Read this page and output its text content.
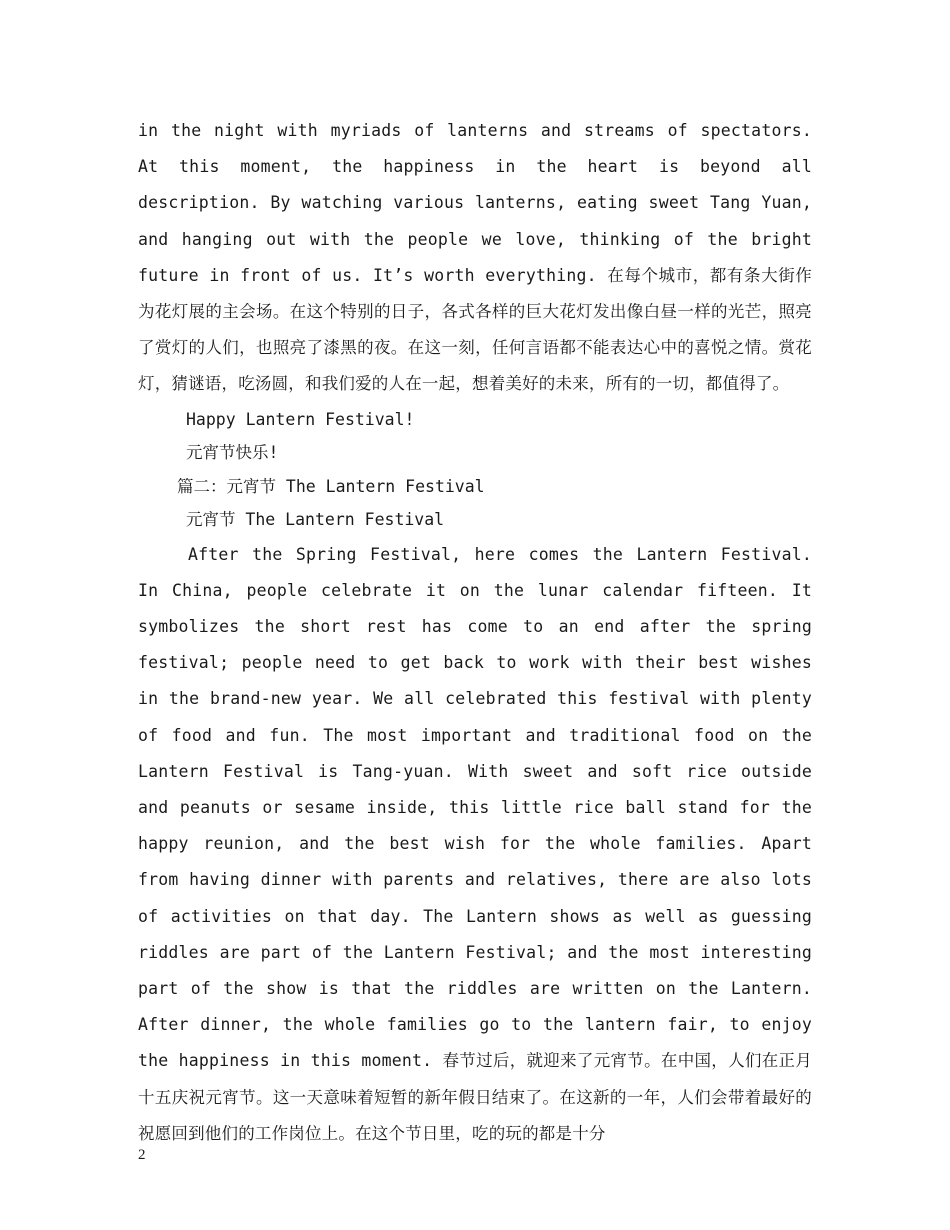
in the night with myriads of lanterns and streams of spectators. At this moment, the happiness in the heart is beyond all description. By watching various lanterns, eating sweet Tang Yuan, and hanging out with the people we love, thinking of the bright future in front of us. It’s worth everything. 在每个城市，都有条大街作为花灯展的主会场。在这个特别的日子，各式各样的巨大花灯发出像白昼一样的光芒，照亮了赏灯的人们，也照亮了漆黑的夜。在这一刻，任何言语都不能表达心中的喜悦之情。赏花灯，猜谜语，吃汤圆，和我们爱的人在一起，想着美好的未来，所有的一切，都值得了。

Happy Lantern Festival!

元宵节快乐!

篇二：元宵节 The Lantern Festival

元宵节 The Lantern Festival

After the Spring Festival, here comes the Lantern Festival. In China, people celebrate it on the lunar calendar fifteen. It symbolizes the short rest has come to an end after the spring festival; people need to get back to work with their best wishes in the brand-new year. We all celebrated this festival with plenty of food and fun. The most important and traditional food on the Lantern Festival is Tang-yuan. With sweet and soft rice outside and peanuts or sesame inside, this little rice ball stand for the happy reunion, and the best wish for the whole families. Apart from having dinner with parents and relatives, there are also lots of activities on that day. The Lantern shows as well as guessing riddles are part of the Lantern Festival; and the most interesting part of the show is that the riddles are written on the Lantern. After dinner, the whole families go to the lantern fair, to enjoy the happiness in this moment. 春节过后，就迎来了元宵节。在中国，人们在正月十五庆祝元宵节。这一天意味着短暂的新年假日结束了。在这新的一年，人们会带着最好的祝愿回到他们的工作岗位上。在这个节日里，吃的玩的都是十分

2
